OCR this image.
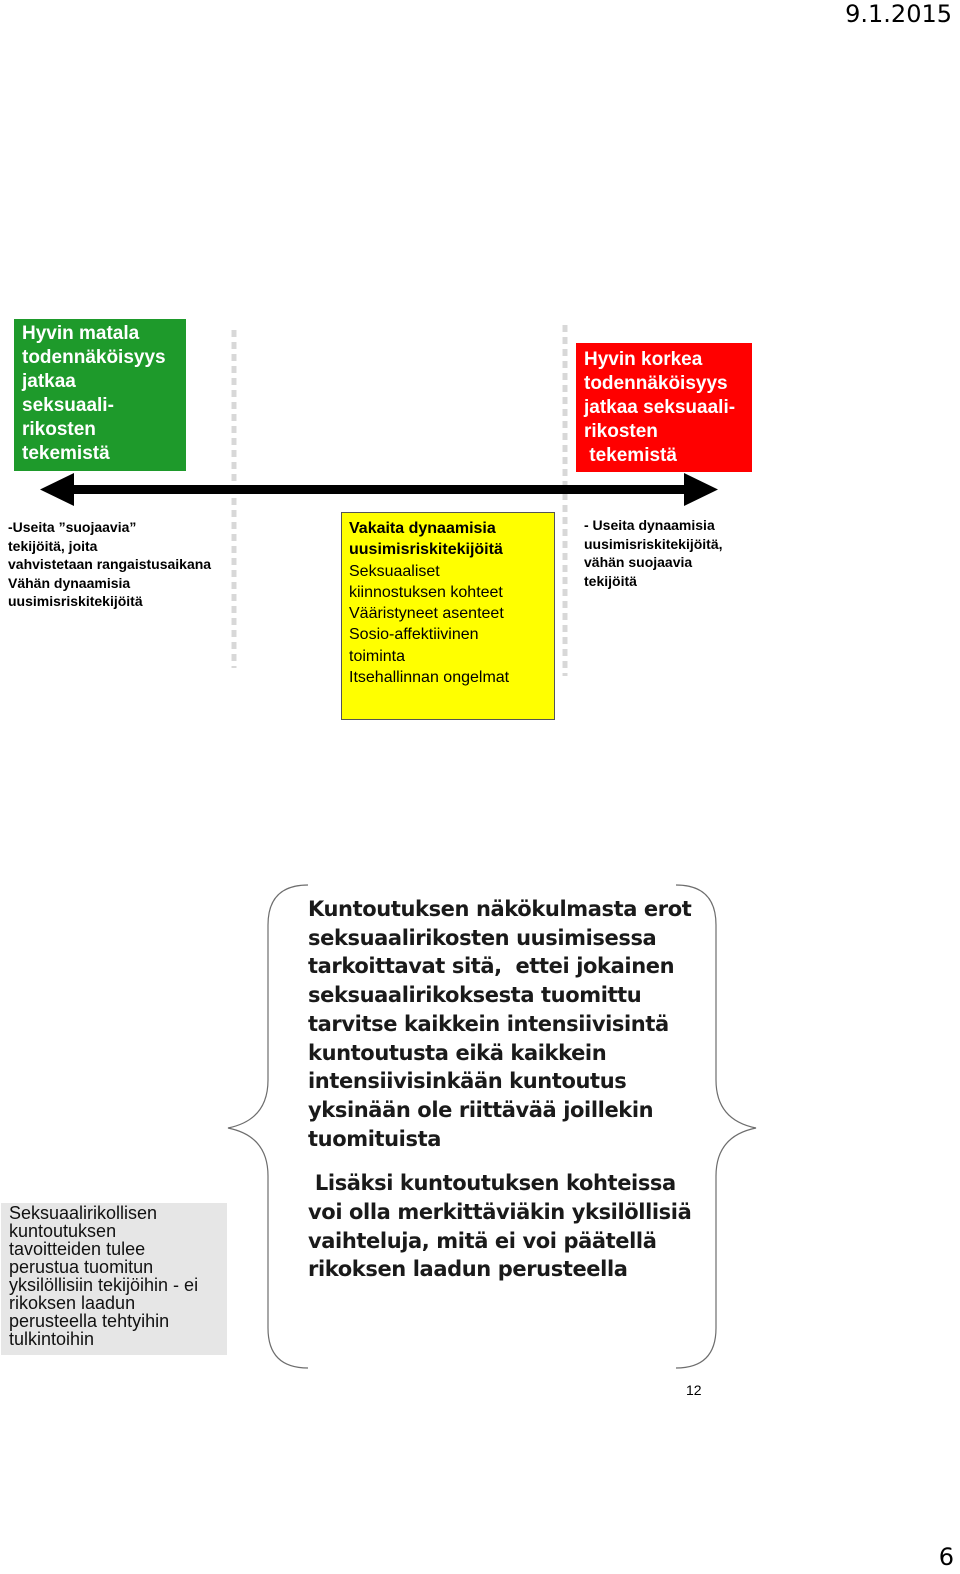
9.1.2015
Hyvin matala
todennäköisyys
jatkaa
seksuaali-
rikosten
tekemistä
Hyvin korkea
todennäköisyys
jatkaa seksuaali-
rikosten
tekemistä
-Useita ”suojaavia”
tekijöitä, joita
vahvistetaan rangaistusaikana
Vähän dynaamisia
uusimisriskitekijöitä
Vakaita dynaamisia
uusimisriskitekijöitä
Seksuaaliset
kiinnostuksen kohteet
Vääristyneet asenteet
Sosio-affektiivinen
toiminta
Itsehallinnan ongelmat
- Useita dynaamisia
uusimisriskitekijöitä,
vähän suojaavia
tekijöitä
Kuntoutuksen näkökulmasta erot
seksuaalirikosten uusimisessa
tarkoittavat sitä,  ettei jokainen
seksuaalirikoksesta tuomittu
tarvitse kaikkein intensiivisintä
kuntoutusta eikä kaikkein
intensiivisinkään kuntoutus
yksinään ole riittävää joillekin
tuomituista
Lisäksi kuntoutuksen kohteissa
voi olla merkittäviäkin yksilöllisiä
vaihteluja, mitä ei voi päätellä
rikoksen laadun perusteella
Seksuaalirikollisen
kuntoutuksen
tavoitteiden tulee
perustua tuomitun
yksilöllisiin tekijöihin - ei
rikoksen laadun
perusteella tehtyihin
tulkintoihin
12
6
